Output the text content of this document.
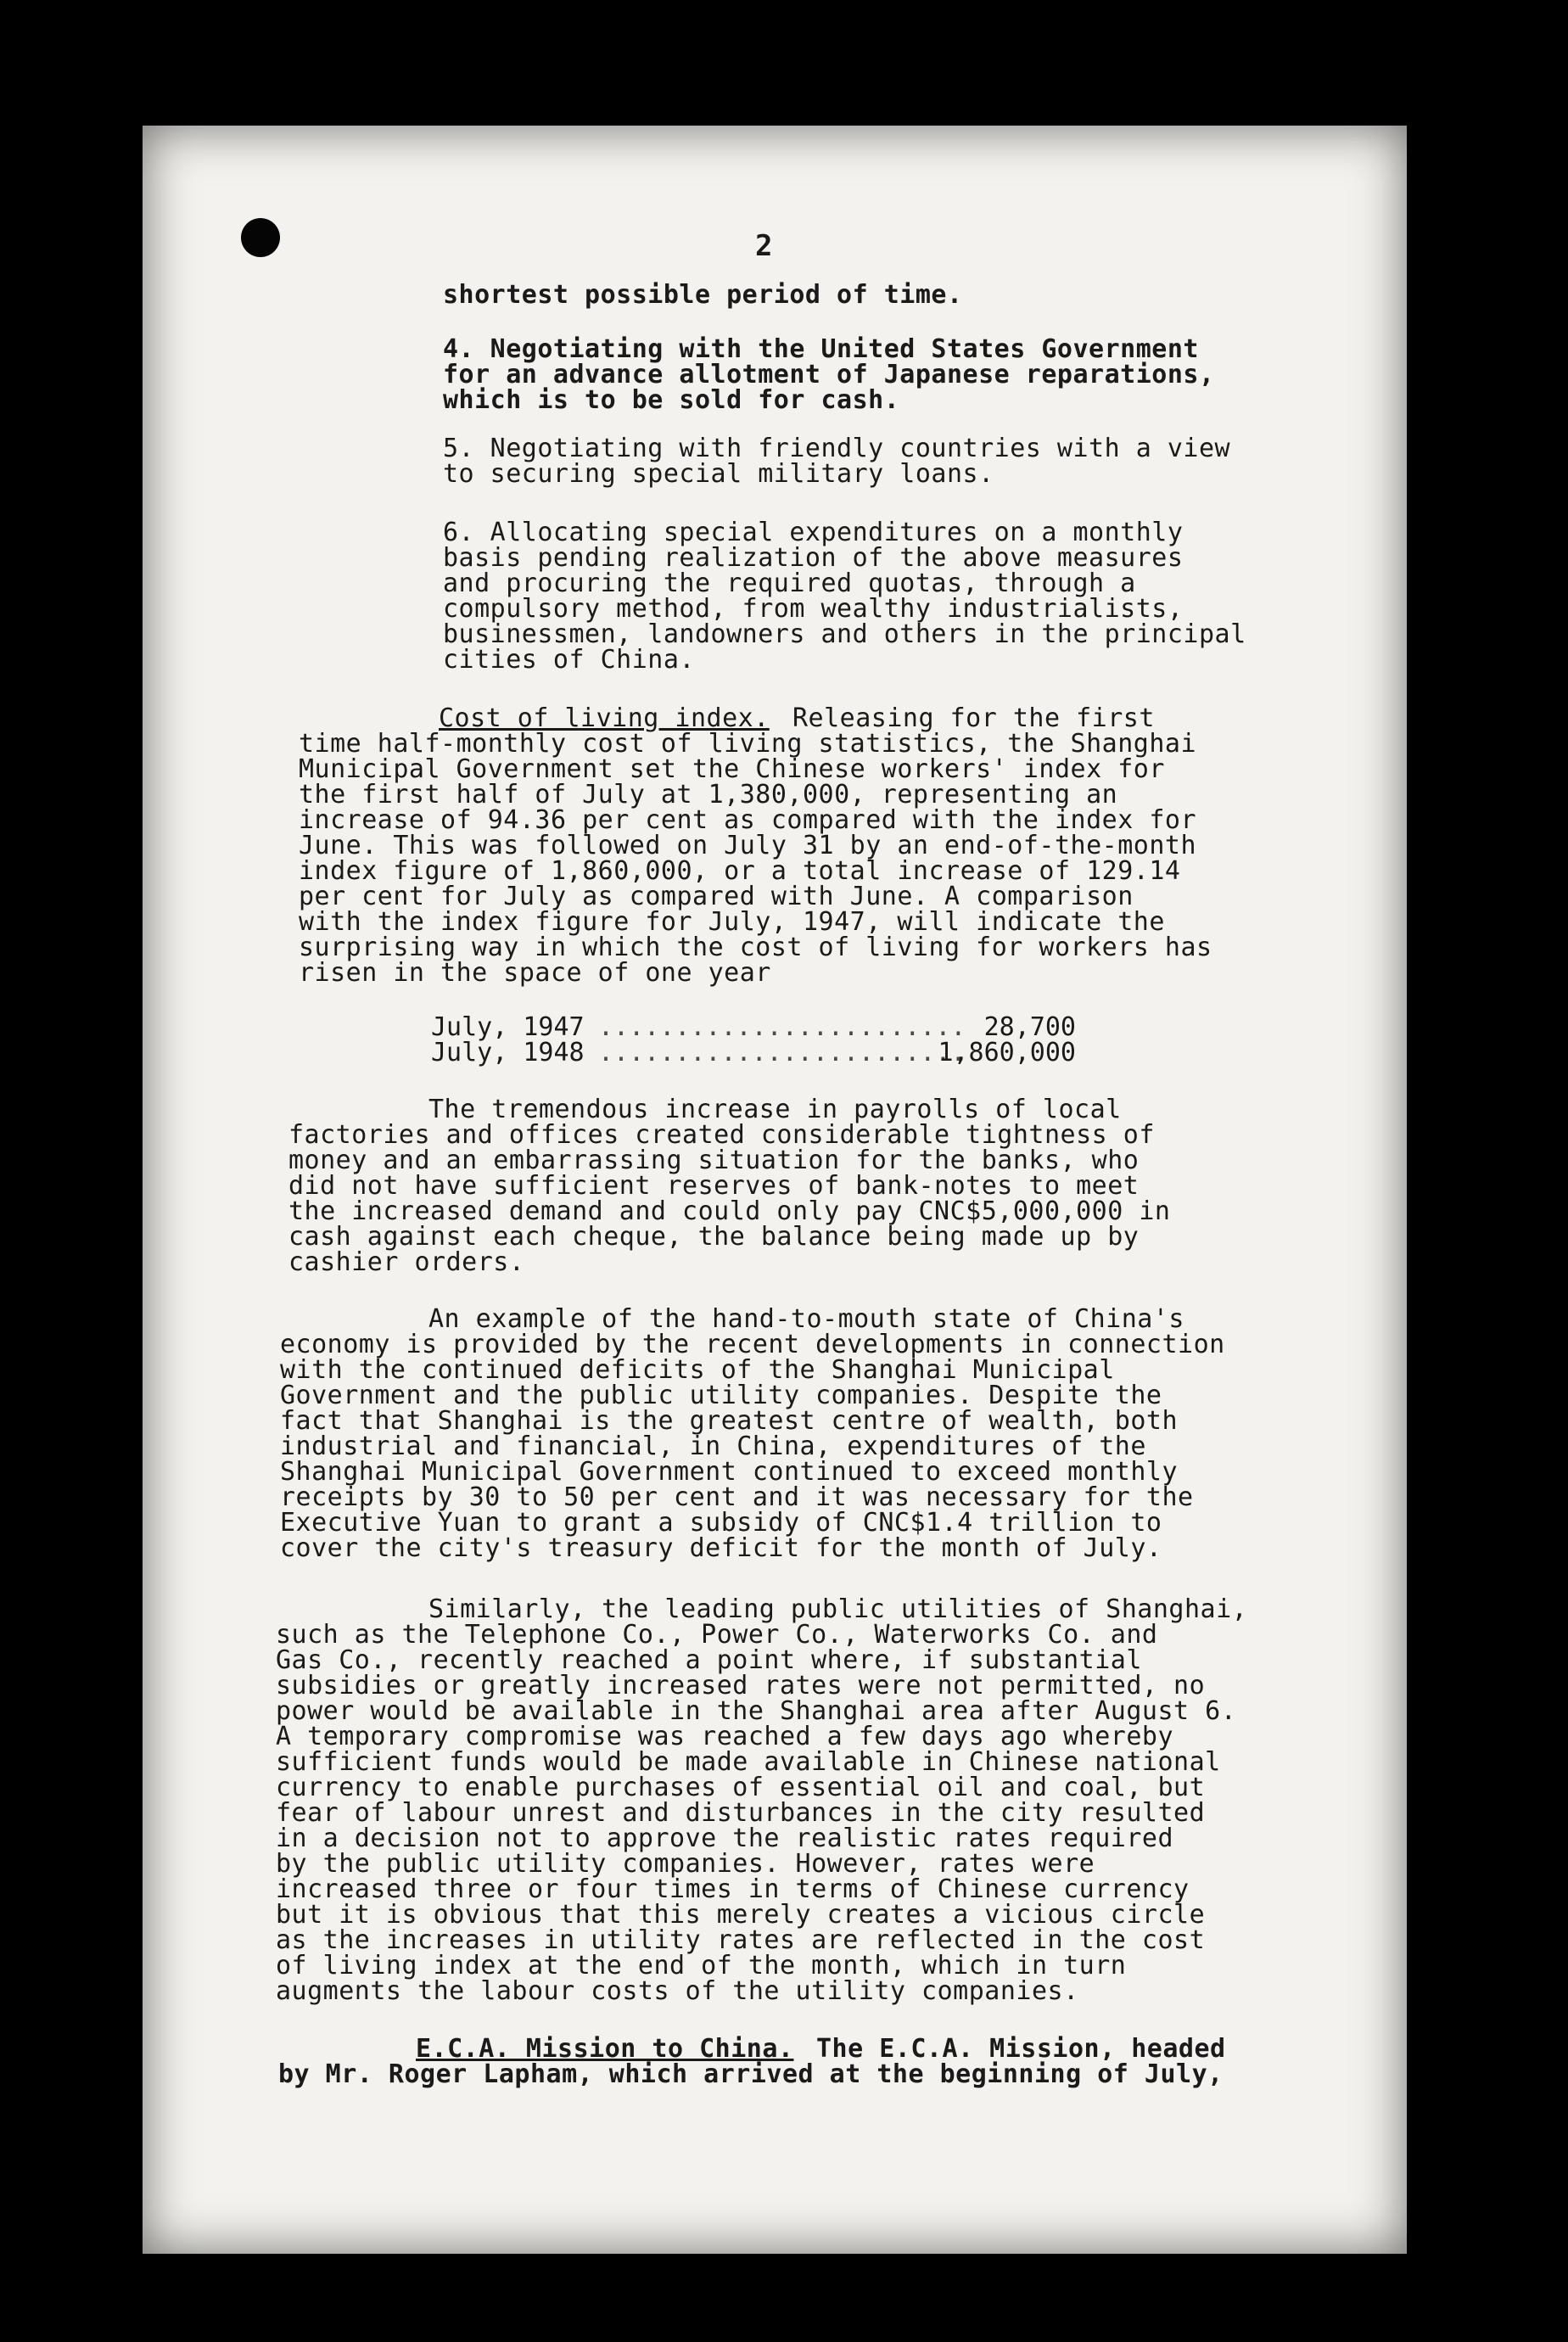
2
shortest possible period of time.
4. Negotiating with the United States Government
for an advance allotment of Japanese reparations,
which is to be sold for cash.
5. Negotiating with friendly countries with a view
to securing special military loans.
6. Allocating special expenditures on a monthly
basis pending realization of the above measures
and procuring the required quotas, through a
compulsory method, from wealthy industrialists,
businessmen, landowners and others in the principal
cities of China.
Cost of living index. Releasing for the first
time half-monthly cost of living statistics, the Shanghai
Municipal Government set the Chinese workers' index for
the first half of July at 1,380,000, representing an
increase of 94.36 per cent as compared with the index for
June. This was followed on July 31 by an end-of-the-month
index figure of 1,860,000, or a total increase of 129.14
per cent for July as compared with June. A comparison
with the index figure for July, 1947, will indicate the
surprising way in which the cost of living for workers has
risen in the space of one year
The tremendous increase in payrolls of local
factories and offices created considerable tightness of
money and an embarrassing situation for the banks, who
did not have sufficient reserves of bank-notes to meet
the increased demand and could only pay CNC$5,000,000 in
cash against each cheque, the balance being made up by
cashier orders.
An example of the hand-to-mouth state of China's
economy is provided by the recent developments in connection
with the continued deficits of the Shanghai Municipal
Government and the public utility companies. Despite the
fact that Shanghai is the greatest centre of wealth, both
industrial and financial, in China, expenditures of the
Shanghai Municipal Government continued to exceed monthly
receipts by 30 to 50 per cent and it was necessary for the
Executive Yuan to grant a subsidy of CNC$1.4 trillion to
cover the city's treasury deficit for the month of July.
Similarly, the leading public utilities of Shanghai,
such as the Telephone Co., Power Co., Waterworks Co. and
Gas Co., recently reached a point where, if substantial
subsidies or greatly increased rates were not permitted, no
power would be available in the Shanghai area after August 6.
A temporary compromise was reached a few days ago whereby
sufficient funds would be made available in Chinese national
currency to enable purchases of essential oil and coal, but
fear of labour unrest and disturbances in the city resulted
in a decision not to approve the realistic rates required
by the public utility companies. However, rates were
increased three or four times in terms of Chinese currency
but it is obvious that this merely creates a vicious circle
as the increases in utility rates are reflected in the cost
of living index at the end of the month, which in turn
augments the labour costs of the utility companies.
E.C.A. Mission to China. The E.C.A. Mission, headed
by Mr. Roger Lapham, which arrived at the beginning of July,
July, 1947 ........................ 28,700
July, 1948 ........................
1,860,000
